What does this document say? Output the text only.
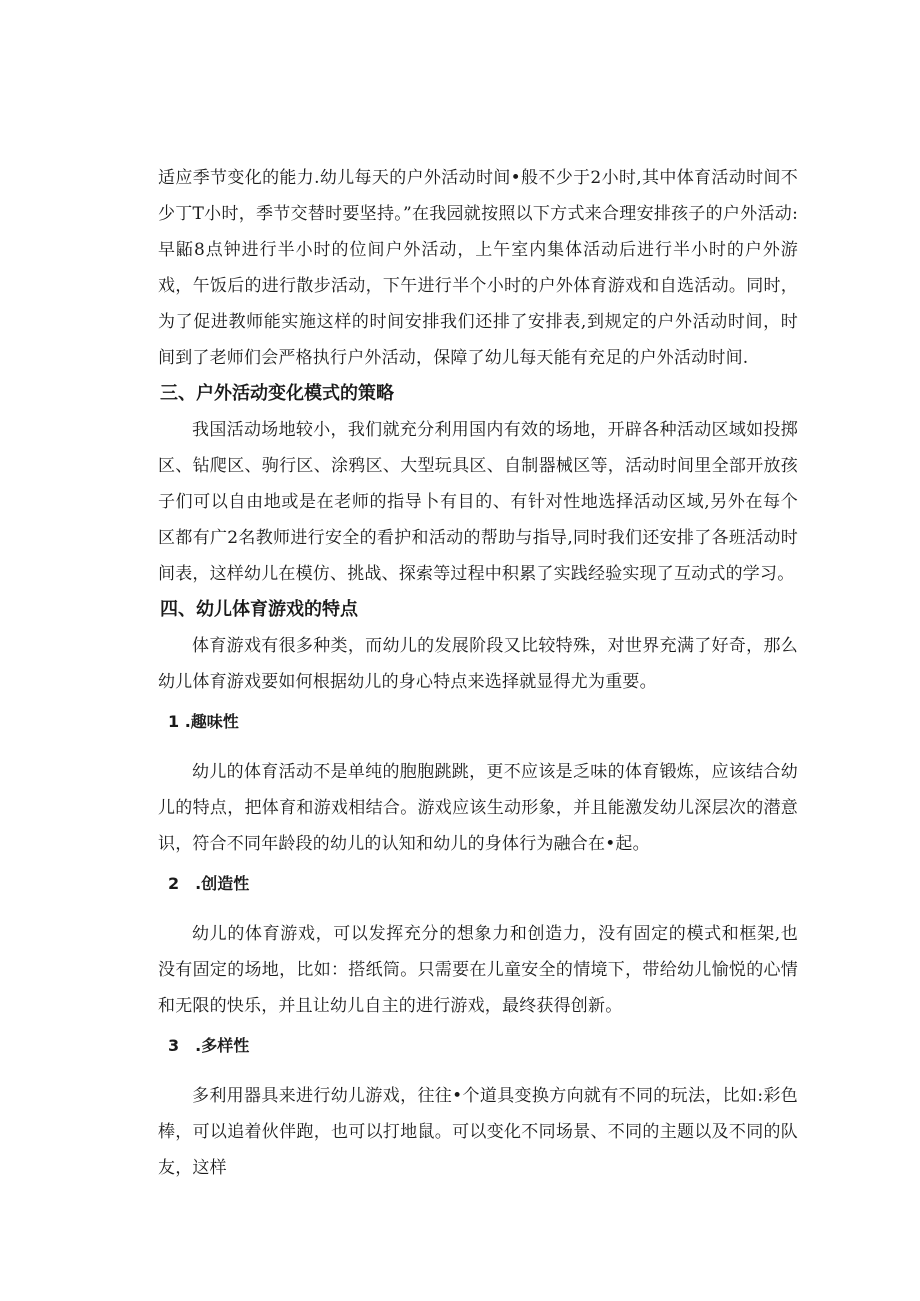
适应季节变化的能力.幼儿每天的户外活动时间•般不少于2小时,其中体育活动时间不少丁T小时，季节交替时要坚持。”在我园就按照以下方式来合理安排孩子的户外活动:早鼫8点钟进行半小时的位间户外活动，上午室内集体活动后进行半小时的户外游戏，午饭后的进行散步活动，下午进行半个小时的户外体育游戏和自选活动。同时，为了促进教师能实施这样的时间安排我们还排了安排表,到规定的户外活动时间，时间到了老师们会严格执行户外活动，保障了幼儿每天能有充足的户外活动时间.

三、户外活动变化模式的策略

我国活动场地较小，我们就充分利用国内有效的场地，开辟各种活动区域如投掷区、钻爬区、驹行区、涂鸦区、大型玩具区、自制器械区等，活动时间里全部开放孩子们可以自由地或是在老师的指导卜有目的、有针对性地选择活动区域,另外在每个区都有广2名教师进行安全的看护和活动的帮助与指导,同时我们还安排了各班活动时间表，这样幼儿在模仿、挑战、探索等过程中积累了实践经验实现了互动式的学习。

四、幼儿体育游戏的特点

体育游戏有很多种类，而幼儿的发展阶段又比较特殊，对世界充满了好奇，那么幼儿体育游戏要如何根据幼儿的身心特点来选择就显得尤为重要。

1 .趣味性

幼儿的体育活动不是单纯的胞胞跳跳，更不应该是乏味的体育锻炼，应该结合幼儿的特点，把体育和游戏相结合。游戏应该生动形象，并且能激发幼儿深层次的潜意识，符合不同年龄段的幼儿的认知和幼儿的身体行为融合在•起。

2　.创造性

幼儿的体育游戏，可以发挥充分的想象力和创造力，没有固定的模式和框架,也没有固定的场地，比如：搭纸筒。只需要在儿童安全的情境下，带给幼儿愉悦的心情和无限的快乐，并且让幼儿自主的进行游戏，最终获得创新。

3　.多样性

多利用器具来进行幼儿游戏，往往•个道具变换方向就有不同的玩法，比如:彩色棒，可以追着伙伴跑，也可以打地鼠。可以变化不同场景、不同的主题以及不同的队友，这样
